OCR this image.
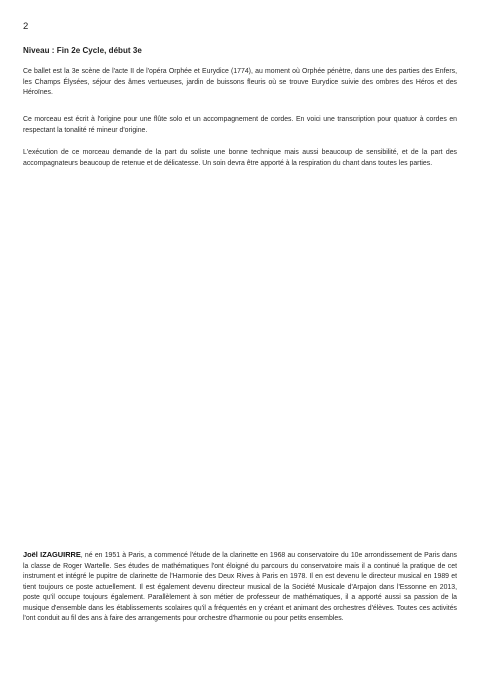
2
Niveau : Fin 2e Cycle, début 3e

Ce ballet est la 3e scène de l'acte II de l'opéra Orphée et Eurydice (1774), au moment où Orphée pénètre, dans une des parties des Enfers, les Champs Élysées, séjour des âmes vertueuses, jardin de buissons fleuris où se trouve Eurydice suivie des ombres des Héros et des Héroïnes.

Ce morceau est écrit à l'origine pour une flûte solo et un accompagnement de cordes. En voici une transcription pour quatuor à cordes en respectant la tonalité ré mineur d'origine.

L'exécution de ce morceau demande de la part du soliste une bonne technique mais aussi beaucoup de sensibilité, et de la part des accompagnateurs beaucoup de retenue et de délicatesse. Un soin devra être apporté à la respiration du chant dans toutes les parties.

Joël IZAGUIRRE, né en 1951 à Paris, a commencé l'étude de la clarinette en 1968 au conservatoire du 10e arrondissement de Paris dans la classe de Roger Wartelle. Ses études de mathématiques l'ont éloigné du parcours du conservatoire mais il a continué la pratique de cet instrument et intégré le pupitre de clarinette de l'Harmonie des Deux Rives à Paris en 1978. Il en est devenu le directeur musical en 1989 et tient toujours ce poste actuellement. Il est également devenu directeur musical de la Société Musicale d'Arpajon dans l'Essonne en 2013, poste qu'il occupe toujours également. Parallèlement à son métier de professeur de mathématiques, il a apporté aussi sa passion de la musique d'ensemble dans les établissements scolaires qu'il a fréquentés en y créant et animant des orchestres d'élèves. Toutes ces activités l'ont conduit au fil des ans à faire des arrangements pour orchestre d'harmonie ou pour petits ensembles.
